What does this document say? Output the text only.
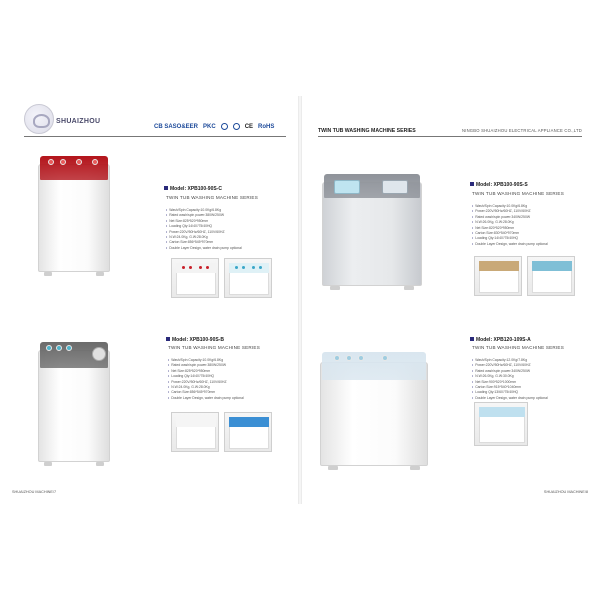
SHUAIZHOU
CB SASO&EER PKC	CE RoHS
Model: XPB100-90S-C
TWIN TUB WASHING MACHINE SERIES
• Wash/Spin Capacity:10.0Kg/6.8Kg
• Rated wash/spin power:380W/250W
• Net Size:825*520*950mm
• Loading Qty:14/40'/75/40HQ
• Power:220V/50Hz/60HZ, 110V/60HZ
• N.W:24.0Kg, G.W:28.0Kg
• Carton Size:856*545*970mm
• Double Layer Design, water drain pump optional
Model: XPB100-90S-B
TWIN TUB WASHING MACHINE SERIES
• Wash/Spin Capacity:10.0Kg/6.8Kg
• Rated wash/spin power:380W/250W
• Net Size:825*520*950mm
• Loading Qty:14/40'/75/40HQ
• Power:220V/50Hz/60HZ, 110V/60HZ
• N.W:24.0Kg, G.W:28.0Kg
• Carton Size:856*545*970mm
• Double Layer Design, water drain pump optional
SHUAIZHOU MACHINE/7
TWIN TUB WASHING MACHINE SERIES	NINGBO SHUAIZHOU ELECTRICAL APPLIANCE CO.,LTD
Model: XPB100-90S-S
TWIN TUB WASHING MACHINE SERIES
• Wash/Spin Capacity:10.0Kg/6.8Kg
• Power:220V/50Hz/60HZ, 110V/60HZ
• Rated wash/spin power:340W/250W
• N.W:26.0Kg, G.W:28.0Kg
• Net Size:820*520*950mm
• Carton Size:830*540*970mm
• Loading Qty:14/40'/75/40HQ
• Double Layer Design, water drain pump optional
Model: XPB120-109S-A
TWIN TUB WASHING MACHINE SERIES
• Wash/Spin Capacity:12.0Kg/7.8Kg
• Power:220V/50Hz/60HZ, 110V/60HZ
• Rated wash/spin power:340W/250W
• N.W:26.0Kg, G.W:30.0Kg
• Net Size:900*520*1000mm
• Carton Size:915*540*1040mm
• Loading Qty:13/60'/75/40HQ
• Double Layer Design, water drain pump optional
SHUAIZHOU MACHINE/8
